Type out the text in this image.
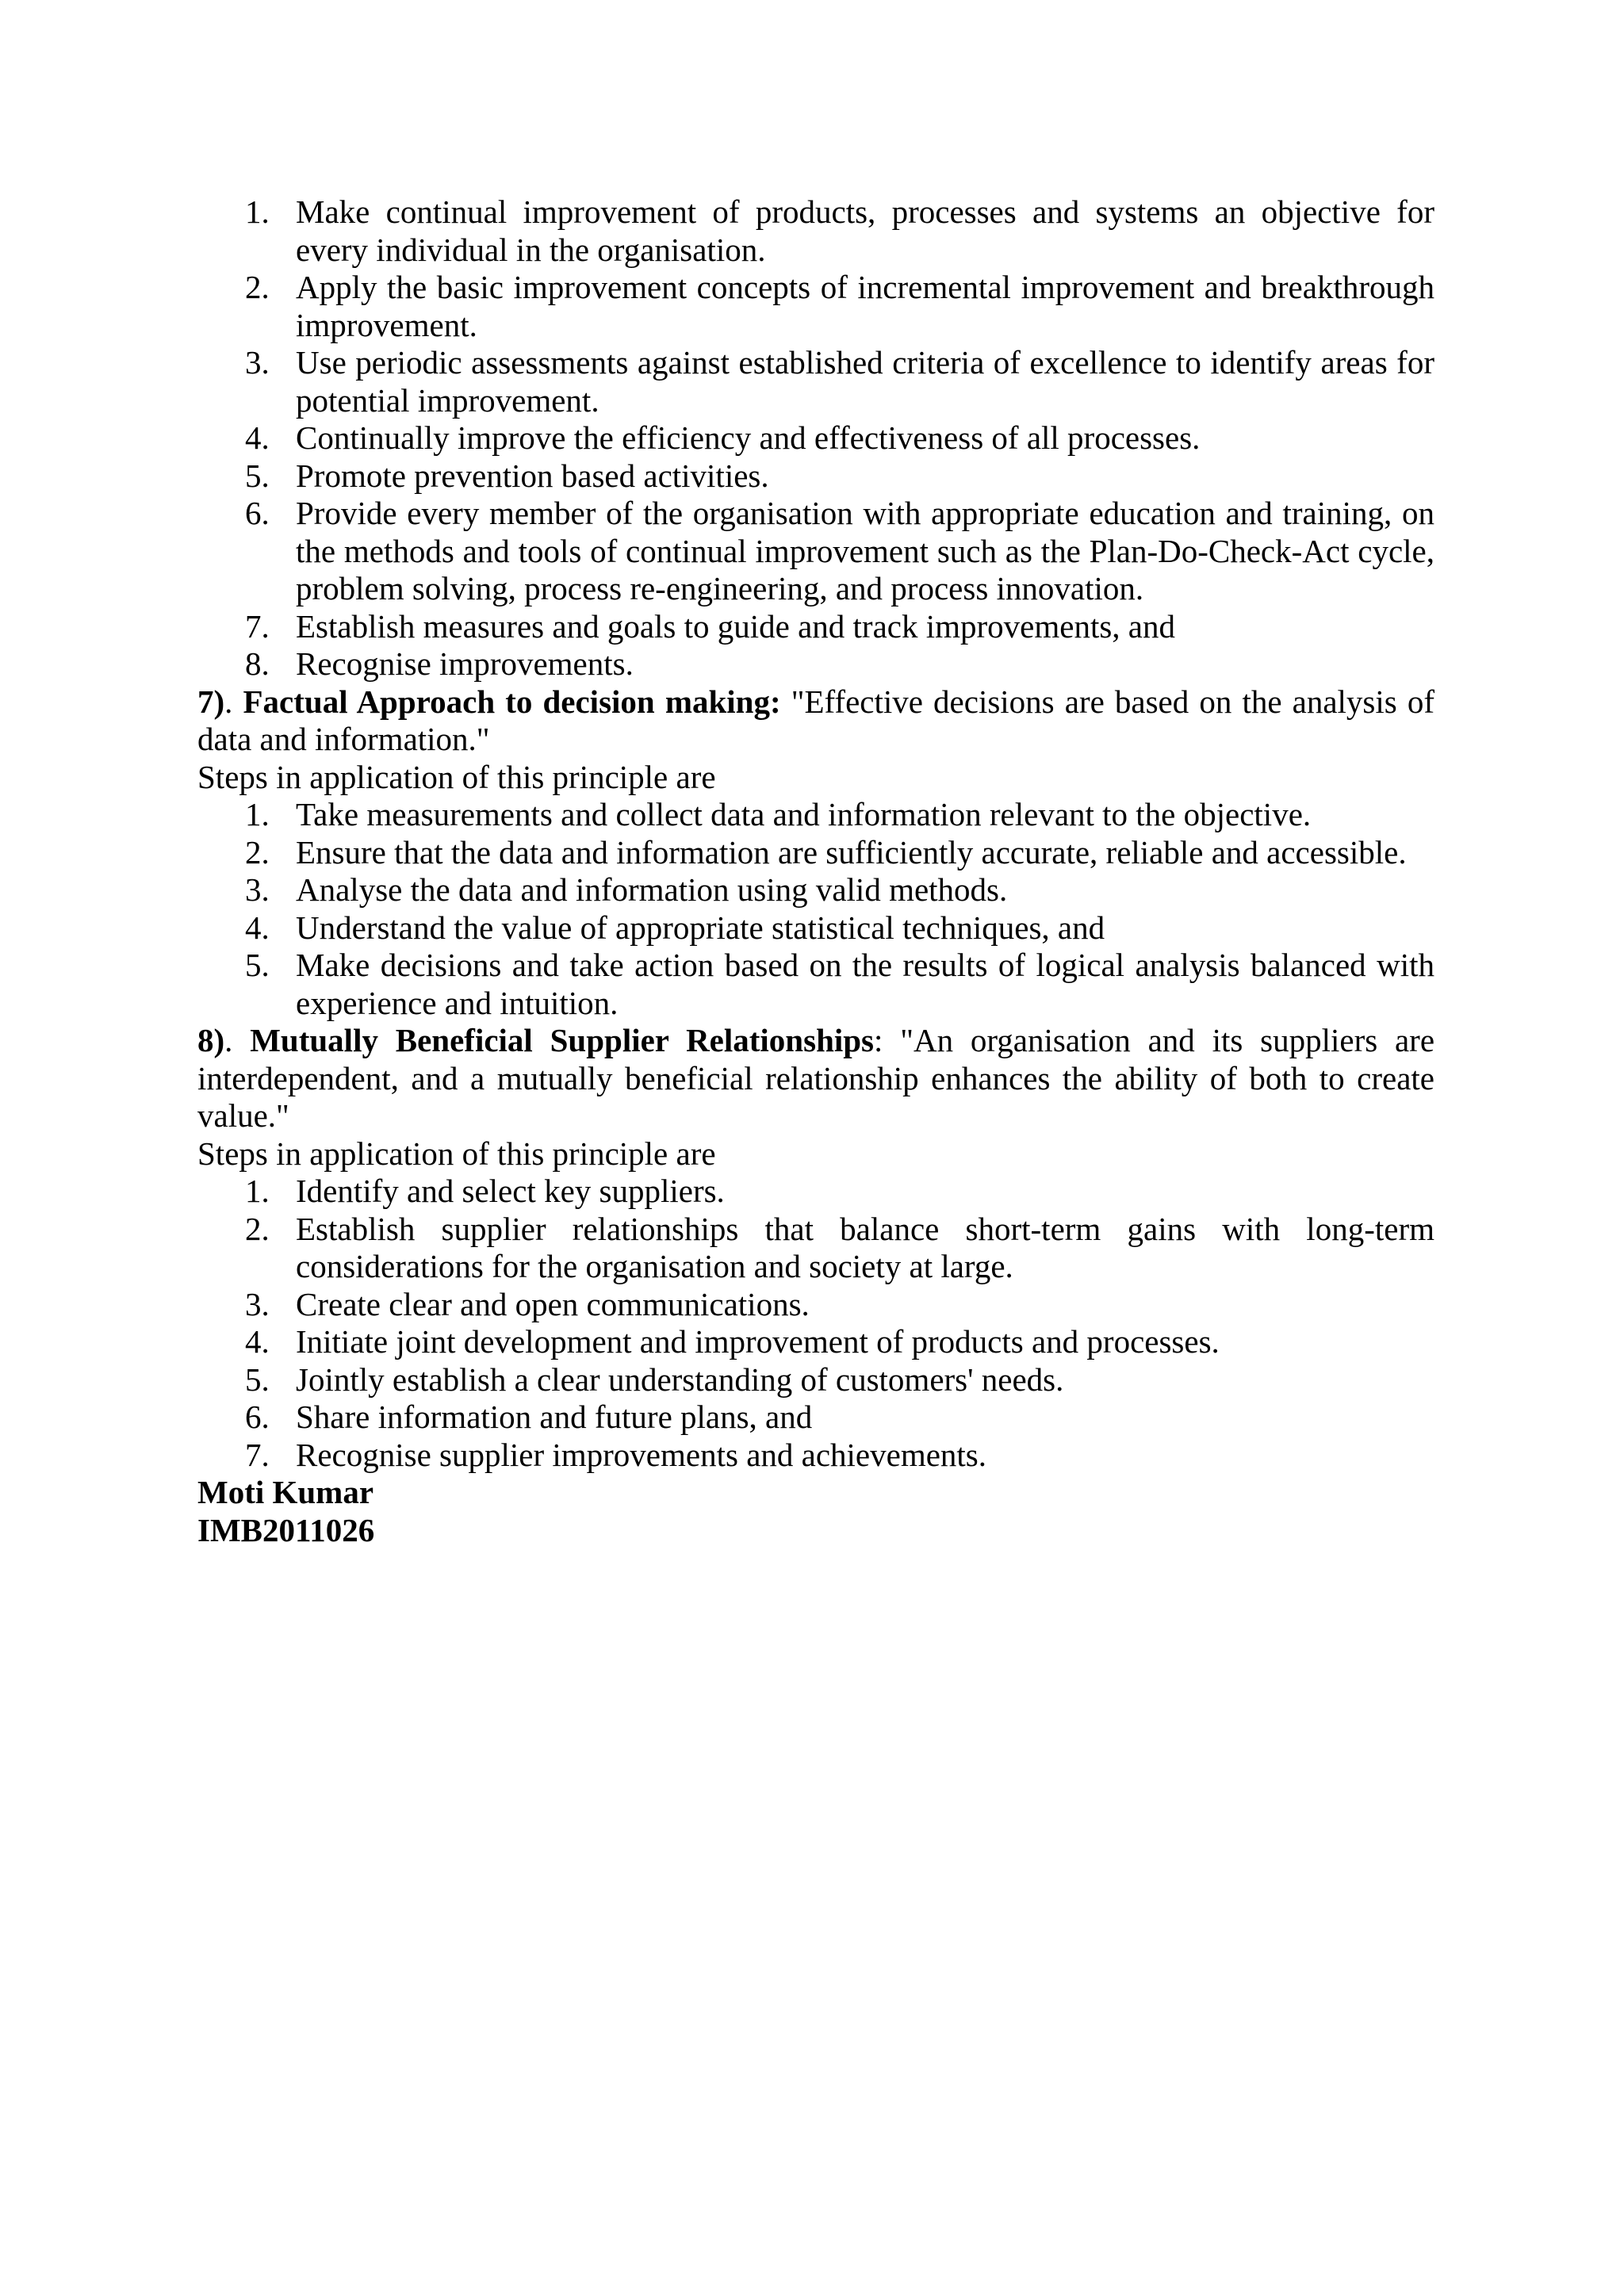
1. Make continual improvement of products, processes and systems an objective for every individual in the organisation.
2. Apply the basic improvement concepts of incremental improvement and breakthrough improvement.
3. Use periodic assessments against established criteria of excellence to identify areas for potential improvement.
4. Continually improve the efficiency and effectiveness of all processes.
5. Promote prevention based activities.
6. Provide every member of the organisation with appropriate education and training, on the methods and tools of continual improvement such as the Plan-Do-Check-Act cycle, problem solving, process re-engineering, and process innovation.
7. Establish measures and goals to guide and track improvements, and
8. Recognise improvements.

7). Factual Approach to decision making: "Effective decisions are based on the analysis of data and information."

Steps in application of this principle are

1. Take measurements and collect data and information relevant to the objective.
2. Ensure that the data and information are sufficiently accurate, reliable and accessible.
3. Analyse the data and information using valid methods.
4. Understand the value of appropriate statistical techniques, and
5. Make decisions and take action based on the results of logical analysis balanced with experience and intuition.

8). Mutually Beneficial Supplier Relationships: "An organisation and its suppliers are interdependent, and a mutually beneficial relationship enhances the ability of both to create value."

Steps in application of this principle are

1. Identify and select key suppliers.
2. Establish supplier relationships that balance short-term gains with long-term considerations for the organisation and society at large.
3. Create clear and open communications.
4. Initiate joint development and improvement of products and processes.
5. Jointly establish a clear understanding of customers' needs.
6. Share information and future plans, and
7. Recognise supplier improvements and achievements.

Moti Kumar

IMB2011026
